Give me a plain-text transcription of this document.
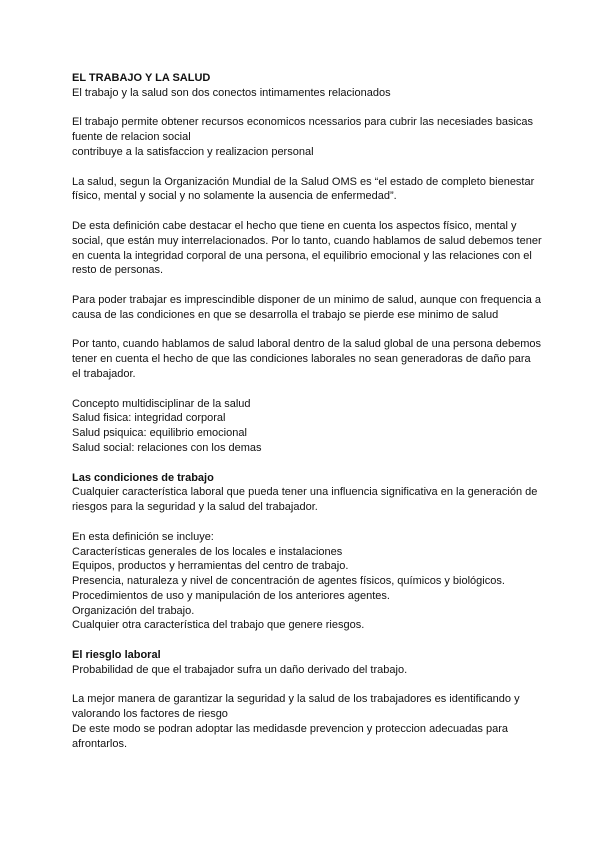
EL TRABAJO Y LA SALUD
El trabajo y la salud son dos conectos intimamentes relacionados
El trabajo permite obtener recursos economicos ncessarios para cubrir las necesiades basicas
fuente de relacion social
contribuye a la satisfaccion y realizacion personal
La salud, segun la Organización Mundial de la Salud OMS es “el estado de completo bienestar físico, mental y social y no solamente la ausencia de enfermedad”.
De esta definición cabe destacar el hecho que tiene en cuenta los aspectos físico, mental y social, que están muy interrelacionados. Por lo tanto, cuando hablamos de salud debemos tener en cuenta la integridad corporal de una persona, el equilibrio emocional y las relaciones con el resto de personas.
Para poder trabajar es imprescindible disponer de un minimo de salud, aunque con frequencia a causa de las condiciones en que se desarrolla el trabajo se pierde ese minimo de salud
Por tanto, cuando hablamos de salud laboral dentro de la salud global de una persona debemos tener en cuenta el hecho de que las condiciones laborales no sean generadoras de daño para el trabajador.
Concepto multidisciplinar de la salud
Salud fisica: integridad corporal
Salud psiquica: equilibrio emocional
Salud social: relaciones con los demas
Las condiciones de trabajo
Cualquier característica laboral que pueda tener una influencia significativa en la generación de riesgos para la seguridad y la salud del trabajador.
En esta definición se incluye:
Características generales de los locales e instalaciones
Equipos, productos y herramientas del centro de trabajo.
Presencia, naturaleza y nivel de concentración de agentes físicos, químicos y biológicos.
Procedimientos de uso y manipulación de los anteriores agentes.
Organización del trabajo.
Cualquier otra característica del trabajo que genere riesgos.
El riesglo laboral
Probabilidad de que el trabajador sufra un daño derivado del trabajo.
La mejor manera de garantizar la seguridad y la salud de los trabajadores es identificando y valorando los factores de riesgo
De este modo se podran adoptar las medidasde prevencion y proteccion adecuadas para afrontarlos.
